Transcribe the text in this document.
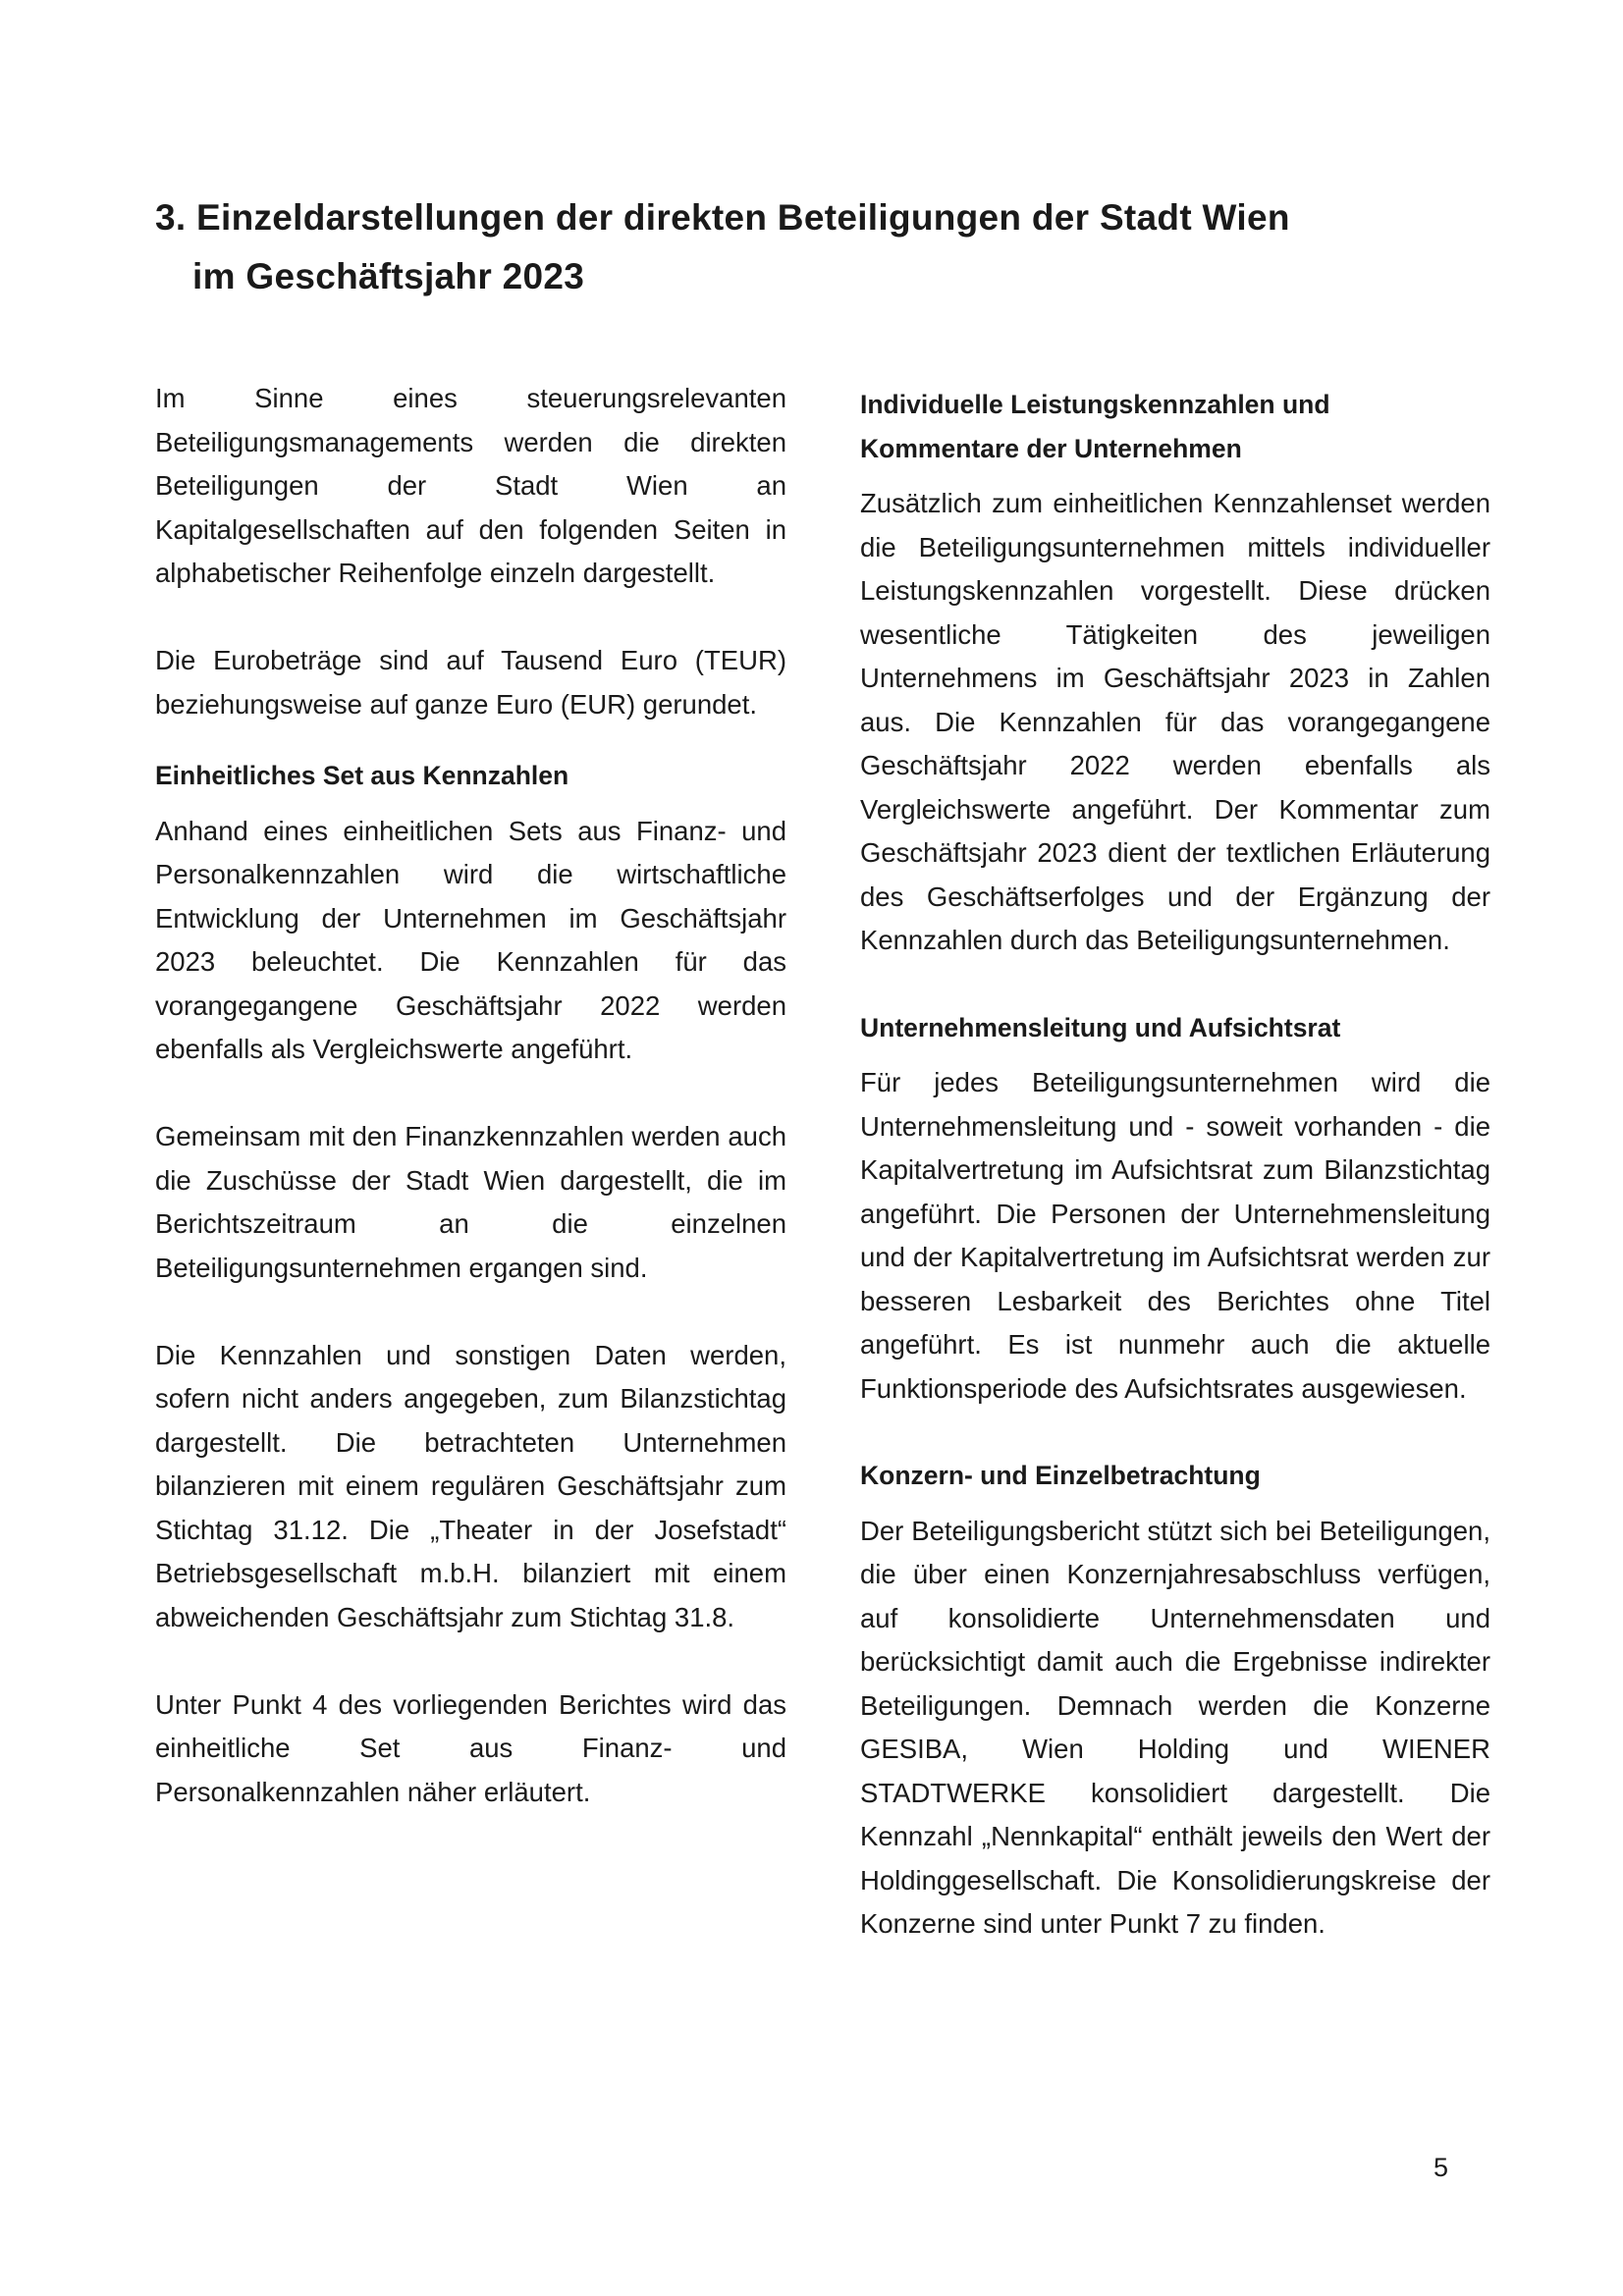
3. Einzeldarstellungen der direkten Beteiligungen der Stadt Wien
im Geschäftsjahr 2023

Im Sinne eines steuerungsrelevanten Beteiligungsmanagements werden die direkten Beteiligungen der Stadt Wien an Kapitalgesellschaften auf den folgenden Seiten in alphabetischer Reihenfolge einzeln dargestellt.

Die Eurobeträge sind auf Tausend Euro (TEUR) beziehungsweise auf ganze Euro (EUR) gerundet.

Einheitliches Set aus Kennzahlen

Anhand eines einheitlichen Sets aus Finanz- und Personalkennzahlen wird die wirtschaftliche Entwicklung der Unternehmen im Geschäftsjahr 2023 beleuchtet. Die Kennzahlen für das vorangegangene Geschäftsjahr 2022 werden ebenfalls als Vergleichswerte angeführt.

Gemeinsam mit den Finanzkennzahlen werden auch die Zuschüsse der Stadt Wien dargestellt, die im Berichtszeitraum an die einzelnen Beteiligungsunternehmen ergangen sind.

Die Kennzahlen und sonstigen Daten werden, sofern nicht anders angegeben, zum Bilanzstichtag dargestellt. Die betrachteten Unternehmen bilanzieren mit einem regulären Geschäftsjahr zum Stichtag 31.12. Die „Theater in der Josefstadt“ Betriebsgesellschaft m.b.H. bilanziert mit einem abweichenden Geschäftsjahr zum Stichtag 31.8.

Unter Punkt 4 des vorliegenden Berichtes wird das einheitliche Set aus Finanz- und Personalkennzahlen näher erläutert.

Individuelle Leistungskennzahlen und Kommentare der Unternehmen

Zusätzlich zum einheitlichen Kennzahlenset werden die Beteiligungsunternehmen mittels individueller Leistungskennzahlen vorgestellt. Diese drücken wesentliche Tätigkeiten des jeweiligen Unternehmens im Geschäftsjahr 2023 in Zahlen aus. Die Kennzahlen für das vorangegangene Geschäftsjahr 2022 werden ebenfalls als Vergleichswerte angeführt. Der Kommentar zum Geschäftsjahr 2023 dient der textlichen Erläuterung des Geschäftserfolges und der Ergänzung der Kennzahlen durch das Beteiligungsunternehmen.

Unternehmensleitung und Aufsichtsrat

Für jedes Beteiligungsunternehmen wird die Unternehmensleitung und - soweit vorhanden - die Kapitalvertretung im Aufsichtsrat zum Bilanzstichtag angeführt. Die Personen der Unternehmensleitung und der Kapitalvertretung im Aufsichtsrat werden zur besseren Lesbarkeit des Berichtes ohne Titel angeführt. Es ist nunmehr auch die aktuelle Funktionsperiode des Aufsichtsrates ausgewiesen.

Konzern- und Einzelbetrachtung

Der Beteiligungsbericht stützt sich bei Beteiligungen, die über einen Konzernjahresabschluss verfügen, auf konsolidierte Unternehmensdaten und berücksichtigt damit auch die Ergebnisse indirekter Beteiligungen. Demnach werden die Konzerne GESIBA, Wien Holding und WIENER STADTWERKE konsolidiert dargestellt. Die Kennzahl „Nennkapital“ enthält jeweils den Wert der Holdinggesellschaft. Die Konsolidierungskreise der Konzerne sind unter Punkt 7 zu finden.

5
